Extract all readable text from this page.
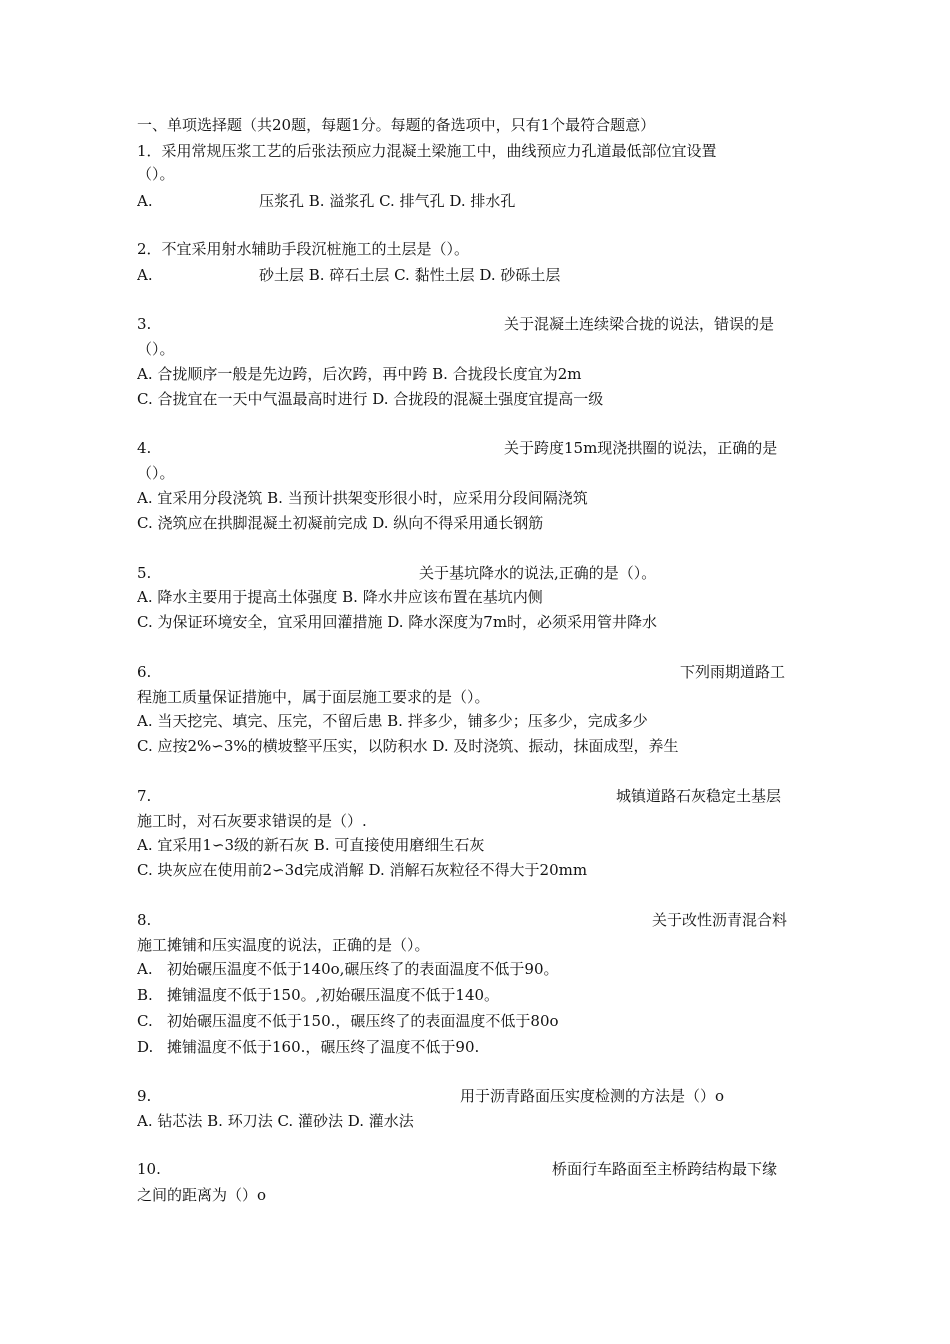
一、单项选择题（共20题，每题1分。每题的备选项中，只有1个最符合题意）
1．采用常规压浆工艺的后张法预应力混凝土梁施工中，曲线预应力孔道最低部位宜设置
（）。
A.	压浆孔 B. 溢浆孔 C. 排气孔 D. 排水孔
2．不宜采用射水辅助手段沉桩施工的土层是（）。
A.	砂土层 B. 碎石土层 C. 黏性土层 D. 砂砾土层
3.	关于混凝土连续梁合拢的说法，错误的是
（）。
A. 合拢顺序一般是先边跨，后次跨，再中跨 B. 合拢段长度宜为2m
C. 合拢宜在一天中气温最高时进行 D. 合拢段的混凝土强度宜提高一级
4.	关于跨度15m现浇拱圈的说法，正确的是
（）。
A. 宜采用分段浇筑 B. 当预计拱架变形很小时，应采用分段间隔浇筑
C. 浇筑应在拱脚混凝土初凝前完成 D. 纵向不得采用通长钢筋
5.	关于基坑降水的说法,正确的是（）。
A. 降水主要用于提高土体强度 B. 降水井应该布置在基坑内侧
C. 为保证环境安全，宜采用回灌措施 D. 降水深度为7m时，必须采用管井降水
6.	下列雨期道路工
程施工质量保证措施中，属于面层施工要求的是（）。
A. 当天挖完、填完、压完，不留后患 B. 拌多少，铺多少；压多少，完成多少
C. 应按2%∽3%的横坡整平压实，以防积水 D. 及时浇筑、振动，抹面成型，养生
7.	城镇道路石灰稳定土基层
施工时，对石灰要求错误的是（）.
A. 宜采用1∽3级的新石灰 B. 可直接使用磨细生石灰
C. 块灰应在使用前2∽3d完成消解 D. 消解石灰粒径不得大于20mm
8.	关于改性沥青混合料
施工摊铺和压实温度的说法，正确的是（）。
A. 初始碾压温度不低于140o,碾压终了的表面温度不低于90。
B. 摊铺温度不低于150。,初始碾压温度不低于140。
C. 初始碾压温度不低于150.，碾压终了的表面温度不低于80o
D. 摊铺温度不低于160.，碾压终了温度不低于90.
9.	用于沥青路面压实度检测的方法是（）o
A. 钻芯法 B. 环刀法 C. 灌砂法 D. 灌水法
10.	桥面行车路面至主桥跨结构最下缘
之间的距离为（）o
